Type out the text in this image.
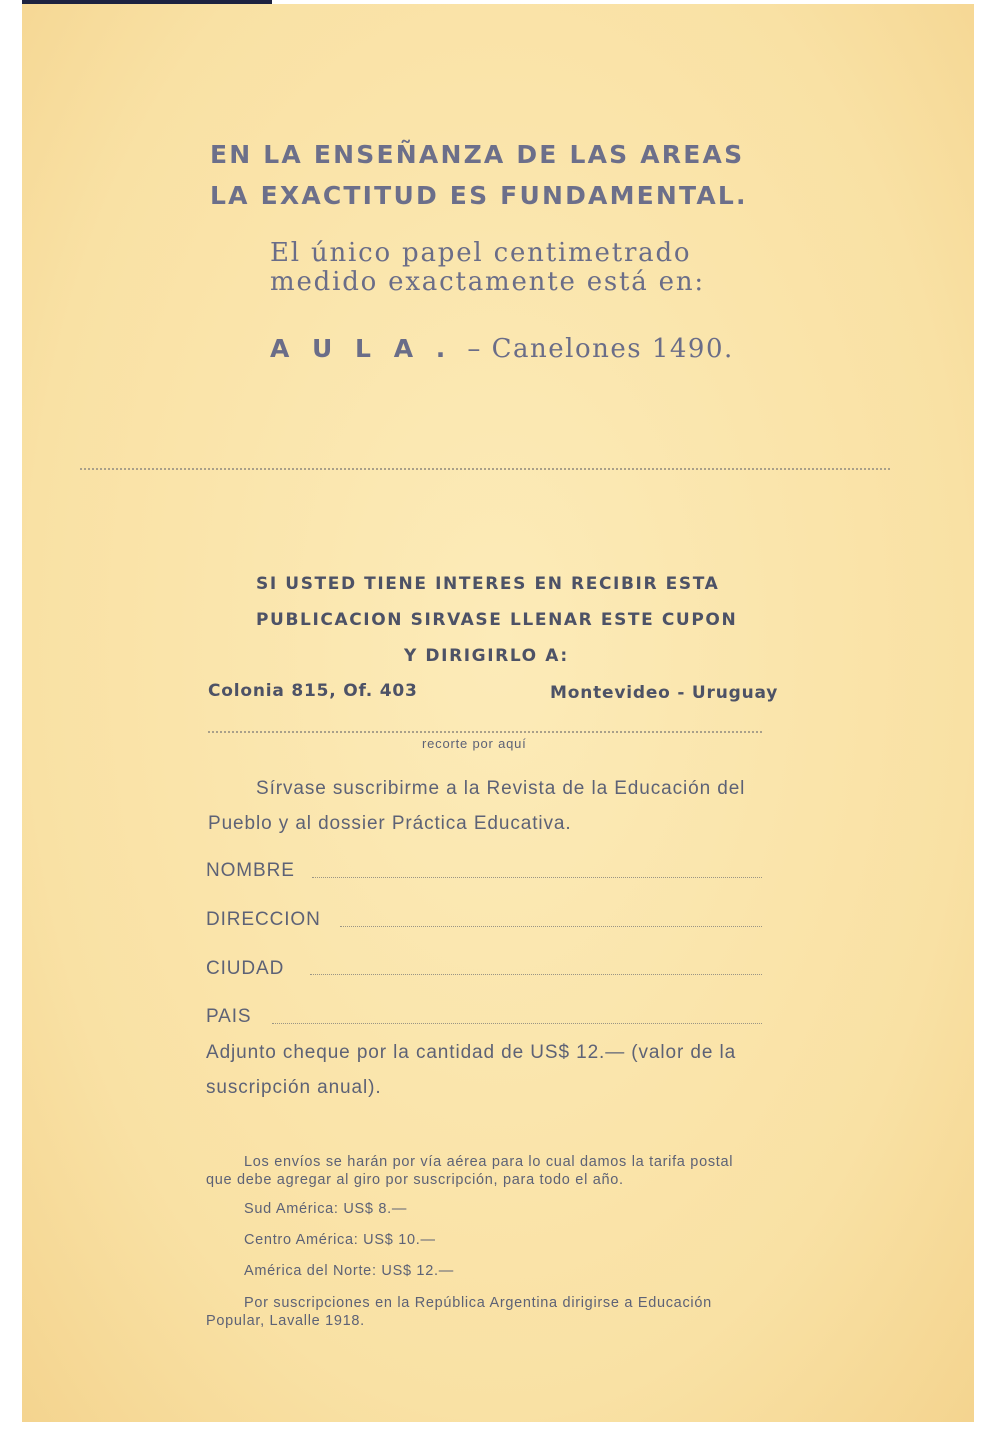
EN LA ENSEÑANZA DE LAS AREAS
LA EXACTITUD ES FUNDAMENTAL.
El único papel centimetrado
medido exactamente está en:
A U L A . – Canelones 1490.
SI USTED TIENE INTERES EN RECIBIR ESTA
PUBLICACION SIRVASE LLENAR ESTE CUPON
Y DIRIGIRLO A:
Colonia 815, Of. 403	Montevideo - Uruguay
recorte por aquí
Sírvase suscribirme a la Revista de la Educación del
Pueblo y al dossier Práctica Educativa.
NOMBRE
DIRECCION
CIUDAD
PAIS
Adjunto cheque por la cantidad de US$ 12.— (valor de la
suscripción anual).
Los envíos se harán por vía aérea para lo cual damos la tarifa postal
que debe agregar al giro por suscripción, para todo el año.
Sud América: US$ 8.—
Centro América: US$ 10.—
América del Norte: US$ 12.—
Por suscripciones en la República Argentina dirigirse a Educación
Popular, Lavalle 1918.
